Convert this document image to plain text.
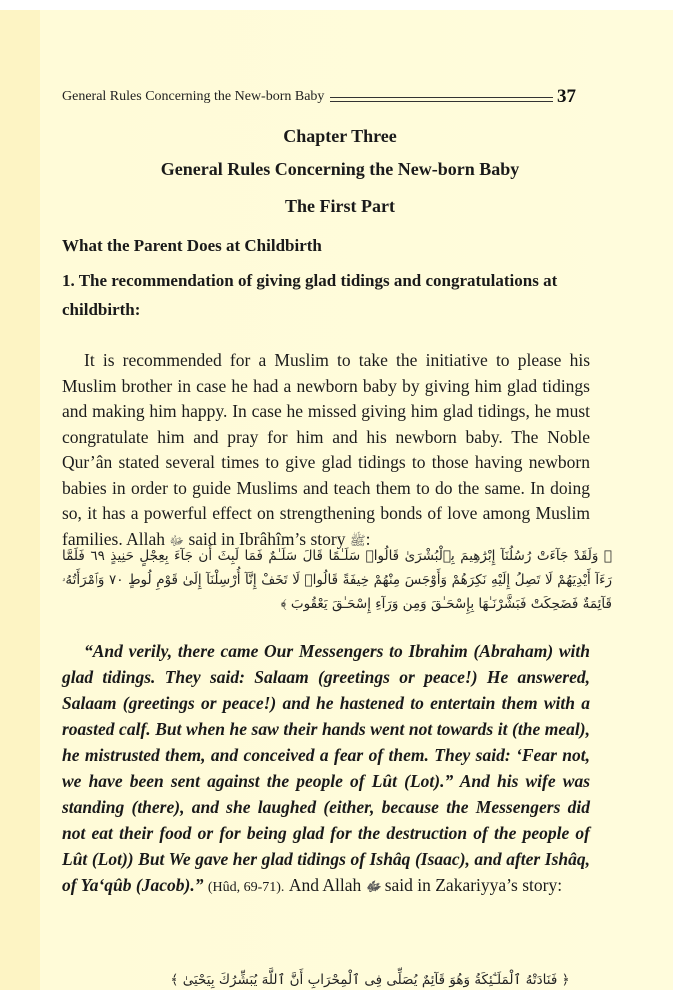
General Rules Concerning the New-born Baby	37
Chapter Three
General Rules Concerning the New-born Baby
The First Part
What the Parent Does at Childbirth
1. The recommendation of giving glad tidings and congratulations at childbirth:
It is recommended for a Muslim to take the initiative to please his Muslim brother in case he had a newborn baby by giving him glad tidings and making him happy. In case he missed giving him glad tidings, he must congratulate him and pray for him and his newborn baby. The Noble Qur’ân stated several times to give glad tidings to those having newborn babies in order to guide Muslims and teach them to do the same. In doing so, it has a powerful effect on strengthening bonds of love among Muslim families. Allah ﷻ said in Ibrâhîm’s story ﷺ:
﴿ وَلَقَدْ جَآءَتْ رُسُلُنَآ إِبْرَٰهِيمَ بِٱلْبُشْرَىٰ قَالُوا۟ سَلَـٰمًا قَالَ سَلَـٰمٌ فَمَا لَبِثَ أَن جَآءَ بِعِجْلٍ حَنِيذٍ ٦٩ فَلَمَّا رَءَآ أَيْدِيَهُمْ لَا تَصِلُ إِلَيْهِ نَكِرَهُمْ وَأَوْجَسَ مِنْهُمْ خِيفَةً قَالُوا۟ لَا تَخَفْ إِنَّآ أُرْسِلْنَآ إِلَىٰ قَوْمِ لُوطٍ ٧٠ وَٱمْرَأَتُهُۥ قَآئِمَةٌ فَضَحِكَتْ فَبَشَّرْنَـٰهَا بِإِسْحَـٰقَ وَمِن وَرَآءِ إِسْحَـٰقَ يَعْقُوبَ ﴾
“And verily, there came Our Messengers to Ibrahim (Abraham) with glad tidings. They said: Salaam (greetings or peace!) He answered, Salaam (greetings or peace!) and he hastened to entertain them with a roasted calf. But when he saw their hands went not towards it (the meal), he mistrusted them, and conceived a fear of them. They said: ‘Fear not, we have been sent against the people of Lût (Lot).” And his wife was standing (there), and she laughed (either, because the Messengers did not eat their food or for being glad for the destruction of the people of Lût (Lot)) But We gave her glad tidings of Ishâq (Isaac), and after Ishâq, of Ya‘qûb (Jacob).” (Hûd, 69-71). And Allah ﷻ said in Zakariyya’s story:
﴿ فَنَادَتْهُ ٱلْمَلَـٰٓئِكَةُ وَهُوَ قَآئِمٌ يُصَلِّى فِى ٱلْمِحْرَابِ أَنَّ ٱللَّهَ يُبَشِّرُكَ بِيَحْيَىٰ ﴾
